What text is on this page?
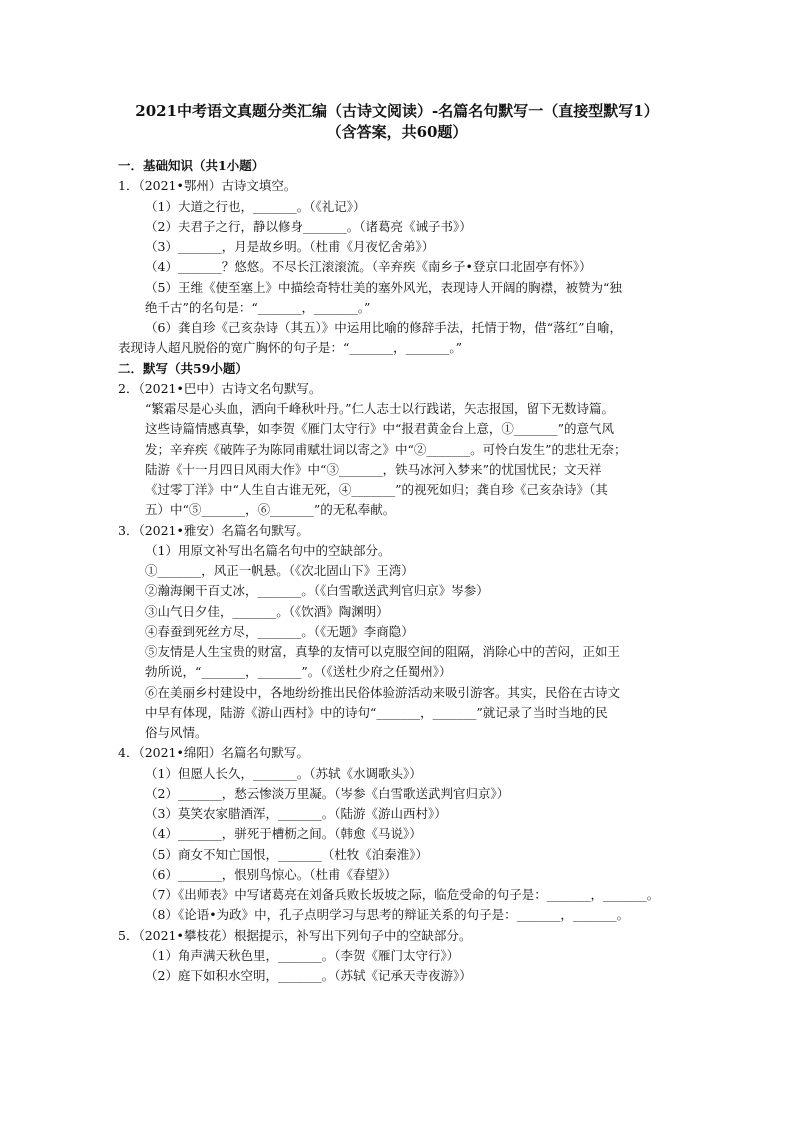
2021中考语文真题分类汇编（古诗文阅读）-名篇名句默写一（直接型默写1）
（含答案，共60题）
一．基础知识（共1小题）
1．（2021•鄂州）古诗文填空。
（1）大道之行也，_______。（《礼记》）
（2）夫君子之行，静以修身_______。（诸葛亮《诫子书》）
（3）_______，月是故乡明。（杜甫《月夜忆舍弟》）
（4）_______？悠悠。不尽长江滚滚流。（辛弃疾《南乡子•登京口北固亭有怀》）
（5）王维《使至塞上》中描绘奇特壮美的塞外风光，表现诗人开阔的胸襟，被赞为“独
绝千古”的名句是：“_______，_______。”
（6）龚自珍《己亥杂诗（其五）》中运用比喻的修辞手法，托情于物，借“落红”自喻，
表现诗人超凡脱俗的宽广胸怀的句子是：“_______，_______。”
二．默写（共59小题）
2．（2021•巴中）古诗文名句默写。
“繁霜尽是心头血，洒向千峰秋叶丹。”仁人志士以行践诺，矢志报国，留下无数诗篇。
这些诗篇情感真挚，如李贺《雁门太守行》中“报君黄金台上意，①_______”的意气风
发；辛弃疾《破阵子为陈同甫赋壮词以寄之》中“②_______。可怜白发生”的悲壮无奈；
陆游《十一月四日风雨大作》中“③_______，铁马冰河入梦来”的忧国忧民；文天祥
《过零丁洋》中“人生自古谁无死，④_______”的视死如归；龚自珍《己亥杂诗》（其
五）中“⑤_______，⑥_______”的无私奉献。
3．（2021•雅安）名篇名句默写。
（1）用原文补写出名篇名句中的空缺部分。
①_______，风正一帆悬。（《次北固山下》王湾）
②瀚海阑干百丈冰，_______。（《白雪歌送武判官归京》岑参）
③山气日夕佳，_______。（《饮酒》陶渊明）
④春蚕到死丝方尽，_______。（《无题》李商隐）
⑤友情是人生宝贵的财富，真挚的友情可以克服空间的阻隔，消除心中的苦闷，正如王
勃所说，“_______，_______”。（《送杜少府之任蜀州》）
⑥在美丽乡村建设中，各地纷纷推出民俗体验游活动来吸引游客。其实，民俗在古诗文
中早有体现，陆游《游山西村》中的诗句“_______，_______”就记录了当时当地的民
俗与风情。
4．（2021•绵阳）名篇名句默写。
（1）但愿人长久，_______。（苏轼《水调歌头》）
（2）_______，愁云惨淡万里凝。（岑参《白雪歌送武判官归京》）
（3）莫笑农家腊酒浑，_______。（陆游《游山西村》）
（4）_______，骈死于槽枥之间。（韩愈《马说》）
（5）商女不知亡国恨，_______（杜牧《泊秦淮》）
（6）_______，恨别鸟惊心。（杜甫《春望》）
（7）《出师表》中写诸葛亮在刘备兵败长坂坡之际，临危受命的句子是：_______，_______。
（8）《论语•为政》中，孔子点明学习与思考的辩证关系的句子是：_______，_______。
5．（2021•攀枝花）根据提示，补写出下列句子中的空缺部分。
（1）角声满天秋色里，_______。（李贺《雁门太守行》）
（2）庭下如积水空明，_______。（苏轼《记承天寺夜游》）
